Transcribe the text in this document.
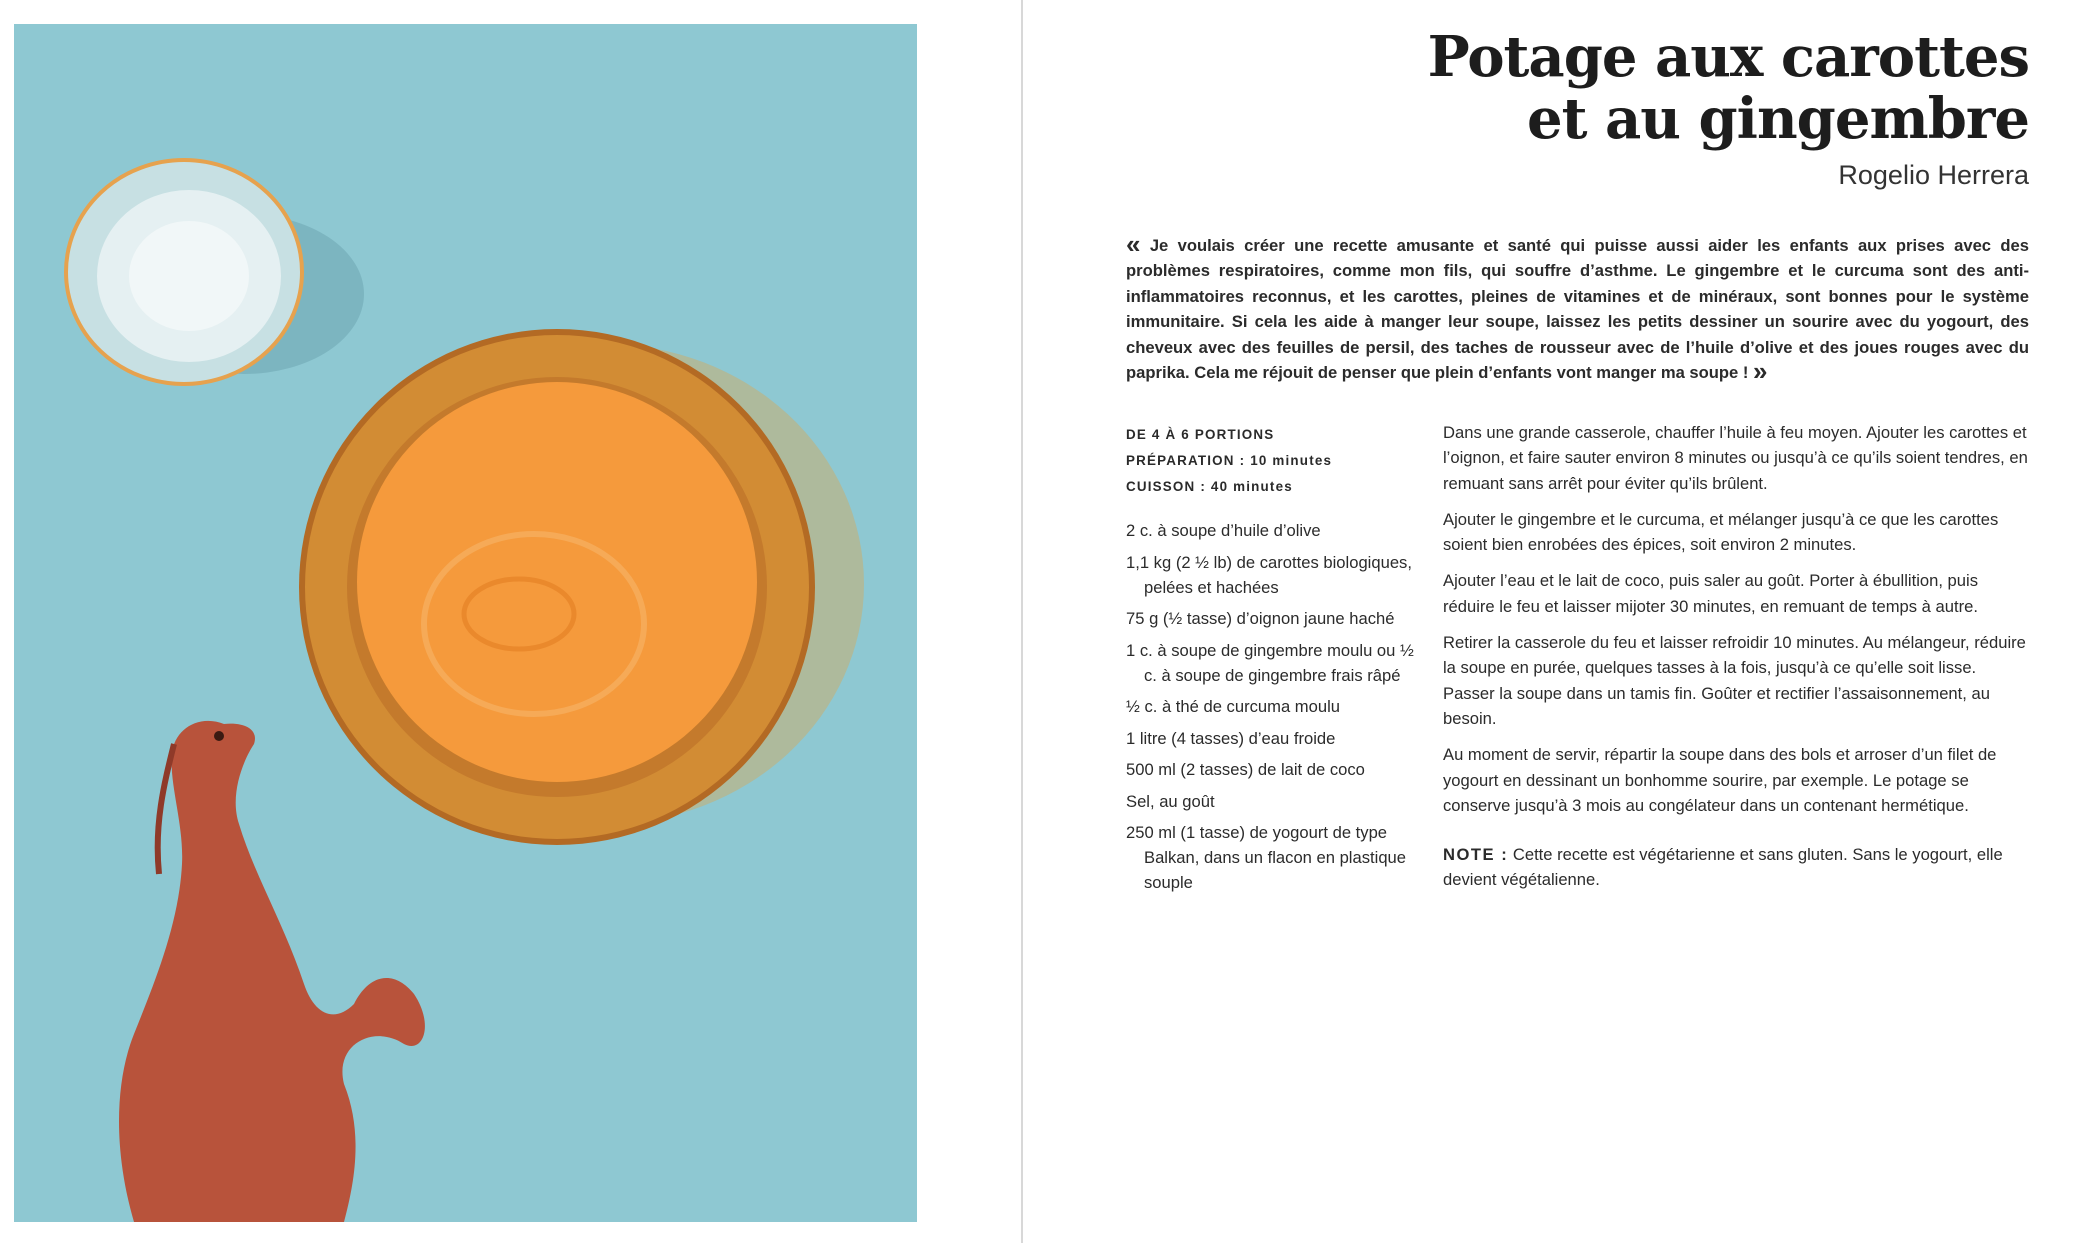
Potage aux carottes
et au gingembre
Rogelio Herrera

« Je voulais créer une recette amusante et santé qui puisse aussi aider les enfants aux prises avec des problèmes respiratoires, comme mon fils, qui souffre d’asthme. Le gingembre et le curcuma sont des anti-inflammatoires reconnus, et les carottes, pleines de vitamines et de minéraux, sont bonnes pour le système immunitaire. Si cela les aide à manger leur soupe, laissez les petits dessiner un sourire avec du yogourt, des cheveux avec des feuilles de persil, des taches de rousseur avec de l’huile d’olive et des joues rouges avec du paprika. Cela me réjouit de penser que plein d’enfants vont manger ma soupe ! »

DE 4 À 6 PORTIONS
PRÉPARATION : 10 minutes
CUISSON : 40 minutes
2 c. à soupe d’huile d’olive
1,1 kg (2 ½ lb) de carottes biologiques, pelées et hachées
75 g (½ tasse) d’oignon jaune haché
1 c. à soupe de gingembre moulu ou ½ c. à soupe de gingembre frais râpé
½ c. à thé de curcuma moulu
1 litre (4 tasses) d’eau froide
500 ml (2 tasses) de lait de coco
Sel, au goût
250 ml (1 tasse) de yogourt de type Balkan, dans un flacon en plastique souple

Dans une grande casserole, chauffer l’huile à feu moyen. Ajouter les carottes et l’oignon, et faire sauter environ 8 minutes ou jusqu’à ce qu’ils soient tendres, en remuant sans arrêt pour éviter qu’ils brûlent.

Ajouter le gingembre et le curcuma, et mélanger jusqu’à ce que les carottes soient bien enrobées des épices, soit environ 2 minutes.

Ajouter l’eau et le lait de coco, puis saler au goût. Porter à ébullition, puis réduire le feu et laisser mijoter 30 minutes, en remuant de temps à autre.

Retirer la casserole du feu et laisser refroidir 10 minutes. Au mélangeur, réduire la soupe en purée, quelques tasses à la fois, jusqu’à ce qu’elle soit lisse. Passer la soupe dans un tamis fin. Goûter et rectifier l’assaisonnement, au besoin.

Au moment de servir, répartir la soupe dans des bols et arroser d’un filet de yogourt en dessinant un bonhomme sourire, par exemple. Le potage se conserve jusqu’à 3 mois au congélateur dans un contenant hermétique.

NOTE : Cette recette est végétarienne et sans gluten. Sans le yogourt, elle devient végétalienne.
